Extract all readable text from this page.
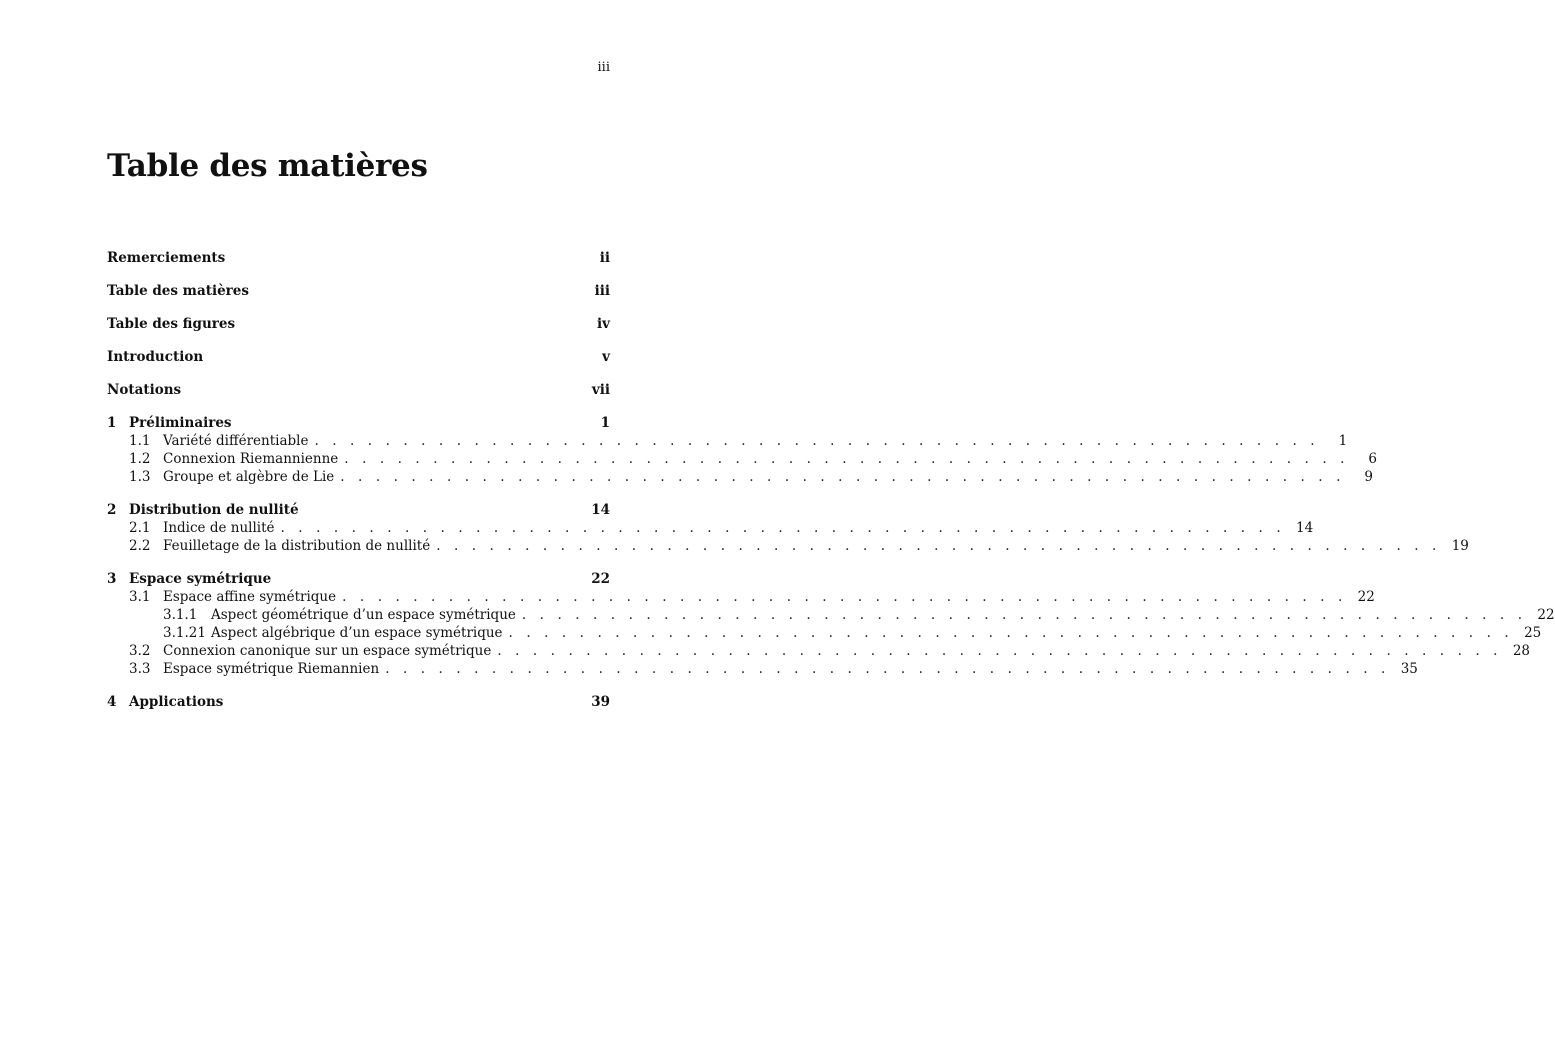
iii
Table des matières
Remerciements	ii
Table des matières	iii
Table des figures	iv
Introduction	v
Notations	vii
1 Préliminaires	1
1.1 Variété différentiable . . . . . . . . . . . . . . . . . . . . . . . . . . . . . . . . . . . . . . . . . . . . . . . . . . . . . . . . .	1
1.2 Connexion Riemannienne . . . . . . . . . . . . . . . . . . . . . . . . . . . . . . . . . . . . . . . . . . . . . . . . . . . . . . . . .	6
1.3 Groupe et algèbre de Lie . . . . . . . . . . . . . . . . . . . . . . . . . . . . . . . . . . . . . . . . . . . . . . . . . . . . . . . . .	9
2 Distribution de nullité	14
2.1 Indice de nullité . . . . . . . . . . . . . . . . . . . . . . . . . . . . . . . . . . . . . . . . . . . . . . . . . . . . . . . . . 14
2.2 Feuilletage de la distribution de nullité . . . . . . . . . . . . . . . . . . . . . . . . . . . . . . . . . . . . . . . . . . . . . . . . . . . . . . . . . 19
3 Espace symétrique	22
3.1 Espace affine symétrique . . . . . . . . . . . . . . . . . . . . . . . . . . . . . . . . . . . . . . . . . . . . . . . . . . . . . . . . . 22
3.1.1	Aspect géométrique d’un espace symétrique . . . . . . . . . . . . . . . . . . . . . . . . . . . . . . . . . . . . . . . . . . . . . . . . . . . . . . . . . 22
3.1.21 Aspect algébrique d’un espace symétrique . . . . . . . . . . . . . . . . . . . . . . . . . . . . . . . . . . . . . . . . . . . . . . . . . . . . . . . . . 25
3.2 Connexion canonique sur un espace symétrique . . . . . . . . . . . . . . . . . . . . . . . . . . . . . . . . . . . . . . . . . . . . . . . . . . . . . . . . . 28
3.3 Espace symétrique Riemannien . . . . . . . . . . . . . . . . . . . . . . . . . . . . . . . . . . . . . . . . . . . . . . . . . . . . . . . . . 35
4 Applications	39
